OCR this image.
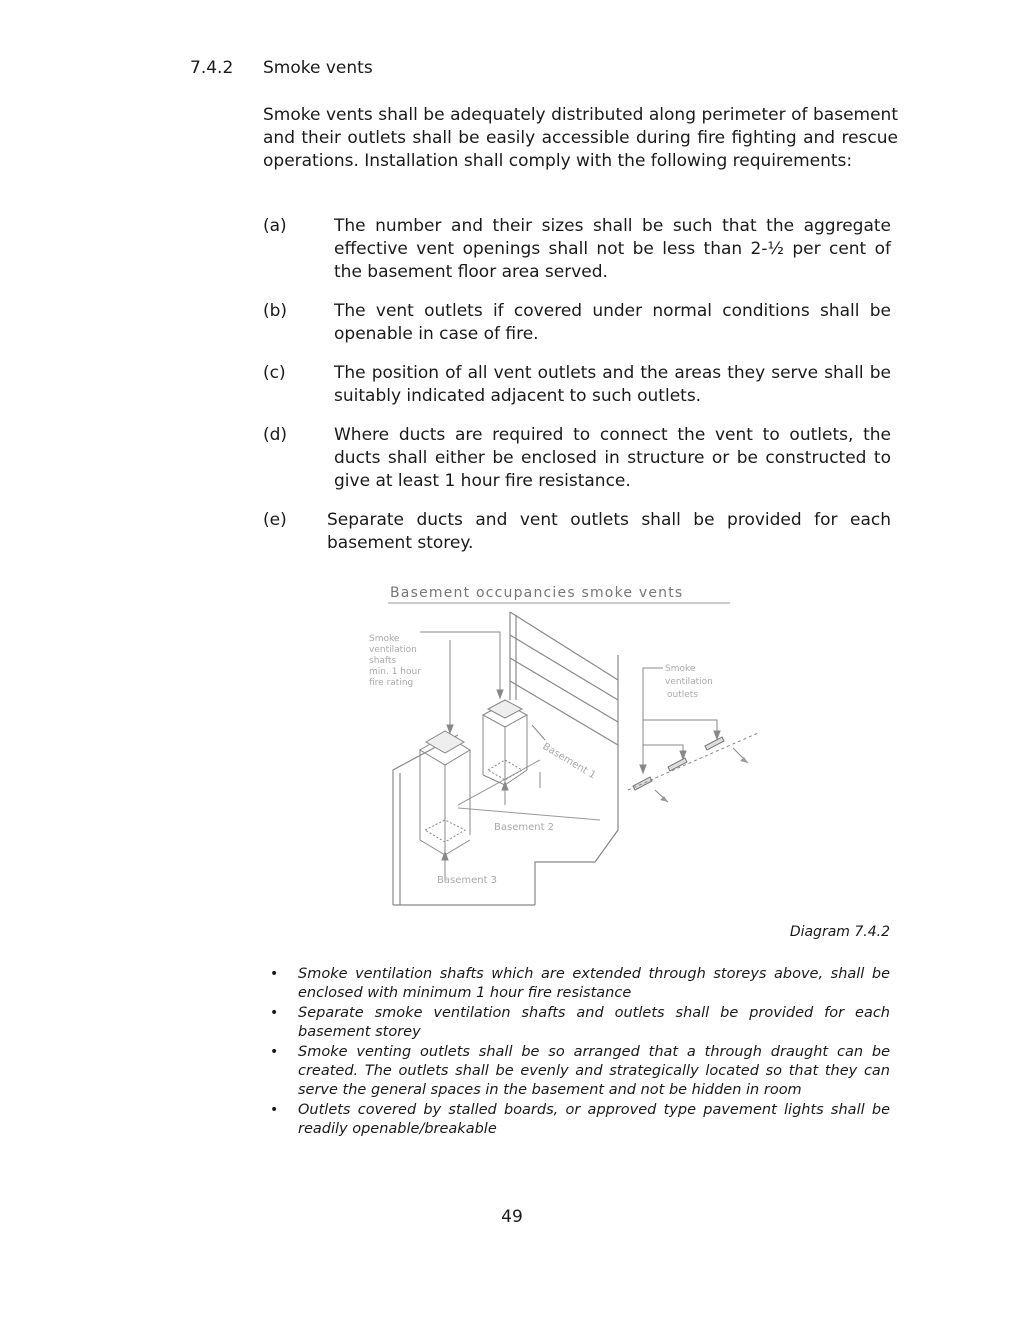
7.4.2 Smoke vents
Smoke vents shall be adequately distributed along perimeter of basement and their outlets shall be easily accessible during fire fighting and rescue operations. Installation shall comply with the following requirements:
(a)	The number and their sizes shall be such that the aggregate effective vent openings shall not be less than 2-½ per cent of the basement floor area served.
(b)	The vent outlets if covered under normal conditions shall be openable in case of fire.
(c)	The position of all vent outlets and the areas they serve shall be suitably indicated adjacent to such outlets.
(d)	Where ducts are required to connect the vent to outlets, the ducts shall either be enclosed in structure or be constructed to give at least 1 hour fire resistance.
(e) Separate ducts and vent outlets shall be provided for each basement storey.
Basement occupancies smoke vents
Smoke
ventilation
shafts
min. 1 hour
fire rating
Smoke
ventilation
outlets
Basement 1
Basement 2
Basement 3
Diagram 7.4.2
• Smoke ventilation shafts which are extended through storeys above, shall be enclosed with minimum 1 hour fire resistance
• Separate smoke ventilation shafts and outlets shall be provided for each basement storey
• Smoke venting outlets shall be so arranged that a through draught can be created. The outlets shall be evenly and strategically located so that they can serve the general spaces in the basement and not be hidden in room
• Outlets covered by stalled boards, or approved type pavement lights shall be readily openable/breakable
49
